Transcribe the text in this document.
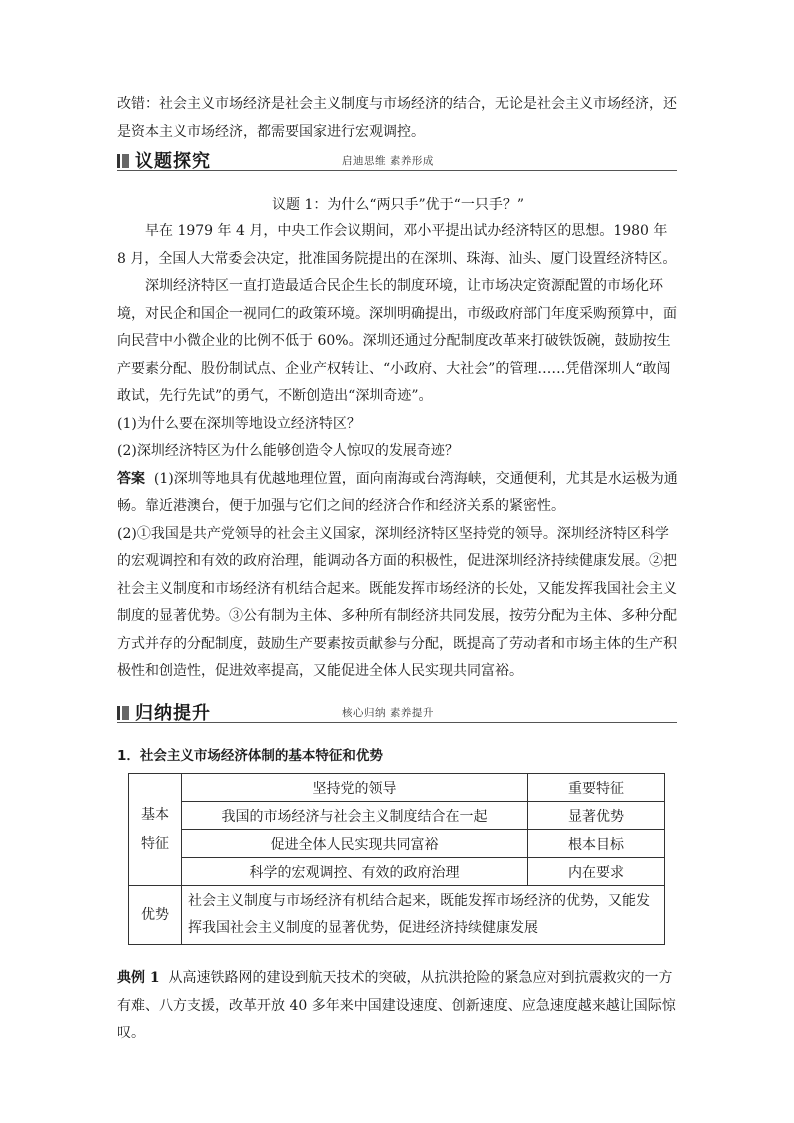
改错：社会主义市场经济是社会主义制度与市场经济的结合，无论是社会主义市场经济，还
是资本主义市场经济，都需要国家进行宏观调控。
议题探究	启迪思维 素养形成
议题 1：为什么“两只手”优于“一只手？”
早在 1979 年 4 月，中央工作会议期间，邓小平提出试办经济特区的思想。1980 年 8 月，全国人大常委会决定，批准国务院提出的在深圳、珠海、汕头、厦门设置经济特区。
深圳经济特区一直打造最适合民企生长的制度环境，让市场决定资源配置的市场化环境，对民企和国企一视同仁的政策环境。深圳明确提出，市级政府部门年度采购预算中，面向民营中小微企业的比例不低于 60%。深圳还通过分配制度改革来打破铁饭碗，鼓励按生产要素分配、股份制试点、企业产权转让、“小政府、大社会”的管理……凭借深圳人“敢闯敢试，先行先试”的勇气，不断创造出“深圳奇迹”。
(1)为什么要在深圳等地设立经济特区？
(2)深圳经济特区为什么能够创造令人惊叹的发展奇迹？
答案 (1)深圳等地具有优越地理位置，面向南海或台湾海峡，交通便利，尤其是水运极为通畅。靠近港澳台，便于加强与它们之间的经济合作和经济关系的紧密性。
(2)①我国是共产党领导的社会主义国家，深圳经济特区坚持党的领导。深圳经济特区科学的宏观调控和有效的政府治理，能调动各方面的积极性，促进深圳经济持续健康发展。②把社会主义制度和市场经济有机结合起来。既能发挥市场经济的长处，又能发挥我国社会主义制度的显著优势。③公有制为主体、多种所有制经济共同发展，按劳分配为主体、多种分配方式并存的分配制度，鼓励生产要素按贡献参与分配，既提高了劳动者和市场主体的生产积极性和创造性，促进效率提高，又能促进全体人民实现共同富裕。
归纳提升	核心归纳 素养提升
1．社会主义市场经济体制的基本特征和优势
基本
特征	坚持党的领导	重要特征
	我国的市场经济与社会主义制度结合在一起	显著优势
	促进全体人民实现共同富裕	根本目标
	科学的宏观调控、有效的政府治理	内在要求
优势	社会主义制度与市场经济有机结合起来，既能发挥市场经济的优势，又能发挥我国社会主义制度的显著优势，促进经济持续健康发展	
典例 1 从高速铁路网的建设到航天技术的突破，从抗洪抢险的紧急应对到抗震救灾的一方有难、八方支援，改革开放 40 多年来中国建设速度、创新速度、应急速度越来越让国际惊叹。
